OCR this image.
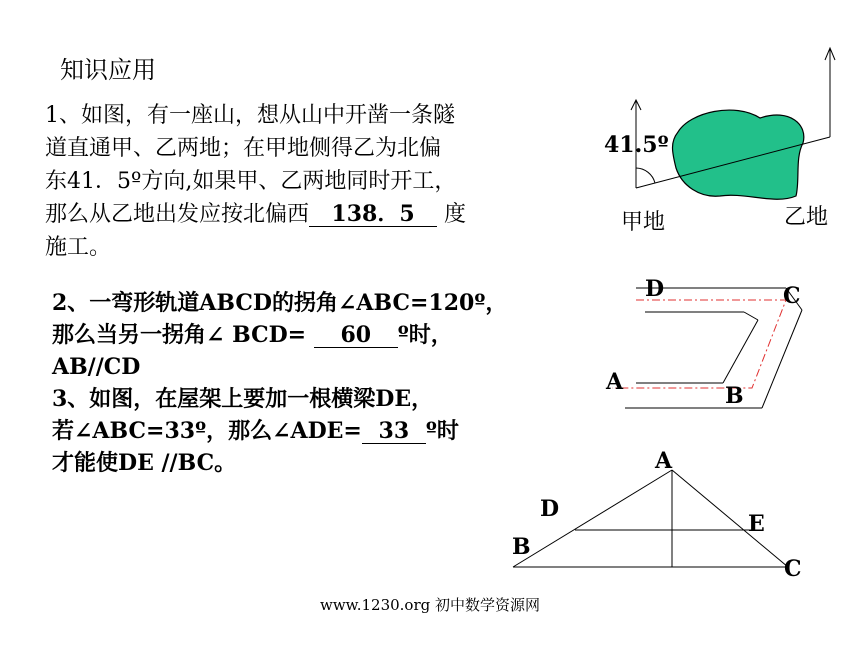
知识应用
1、如图，有一座山，想从山中开凿一条隧
道直通甲、乙两地；在甲地侧得乙为北偏
东41．5º方向,如果甲、乙两地同时开工，
那么从乙地出发应按北偏西 138．5 度
施工。
2、一弯形轨道ABCD的拐角∠ABC=120º，
那么当另一拐角∠ BCD= 60 º时，
AB//CD
3、如图，在屋架上要加一根横梁DE，
若∠ABC=33º，那么∠ADE= 33 º时
才能使DE //BC。
41.5º
甲地	乙地
D	C
A
B
A
D
E
B
C
www.1230.org 初中数学资源网
